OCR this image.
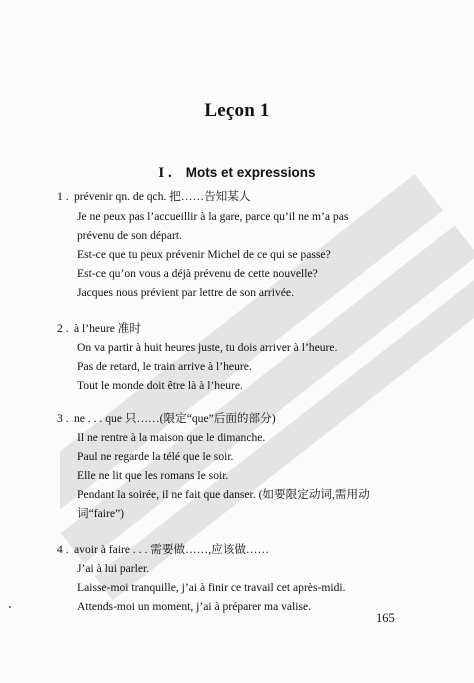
Leçon 1
I . Mots et expressions
1 . prévenir qn. de qch. 把……告知某人
Je ne peux pas l’accueillir à la gare, parce qu’il ne m’a pas
prévenu de son départ.
Est-ce que tu peux prévenir Michel de ce qui se passe?
Est-ce qu’on vous a déjà prévenu de cette nouvelle?
Jacques nous prévient par lettre de son arrivée.
2 . à l’heure 准时
On va partir à huit heures juste, tu dois arriver à l’heure.
Pas de retard, le train arrive à l’heure.
Tout le monde doit être là à l’heure.
3 . ne . . . que 只……(限定“que”后面的部分)
Il ne rentre à la maison que le dimanche.
Paul ne regarde la télé que le soir.
Elle ne lit que les romans le soir.
Pendant la soirée, il ne fait que danser. (如要限定动词,需用动
词“faire”)
4 . avoir à faire . . . 需要做……,应该做……
J’ai à lui parler.
Laisse-moi tranquille, j’ai à finir ce travail cet après-midi.
Attends-moi un moment, j’ai à préparer ma valise.
165
